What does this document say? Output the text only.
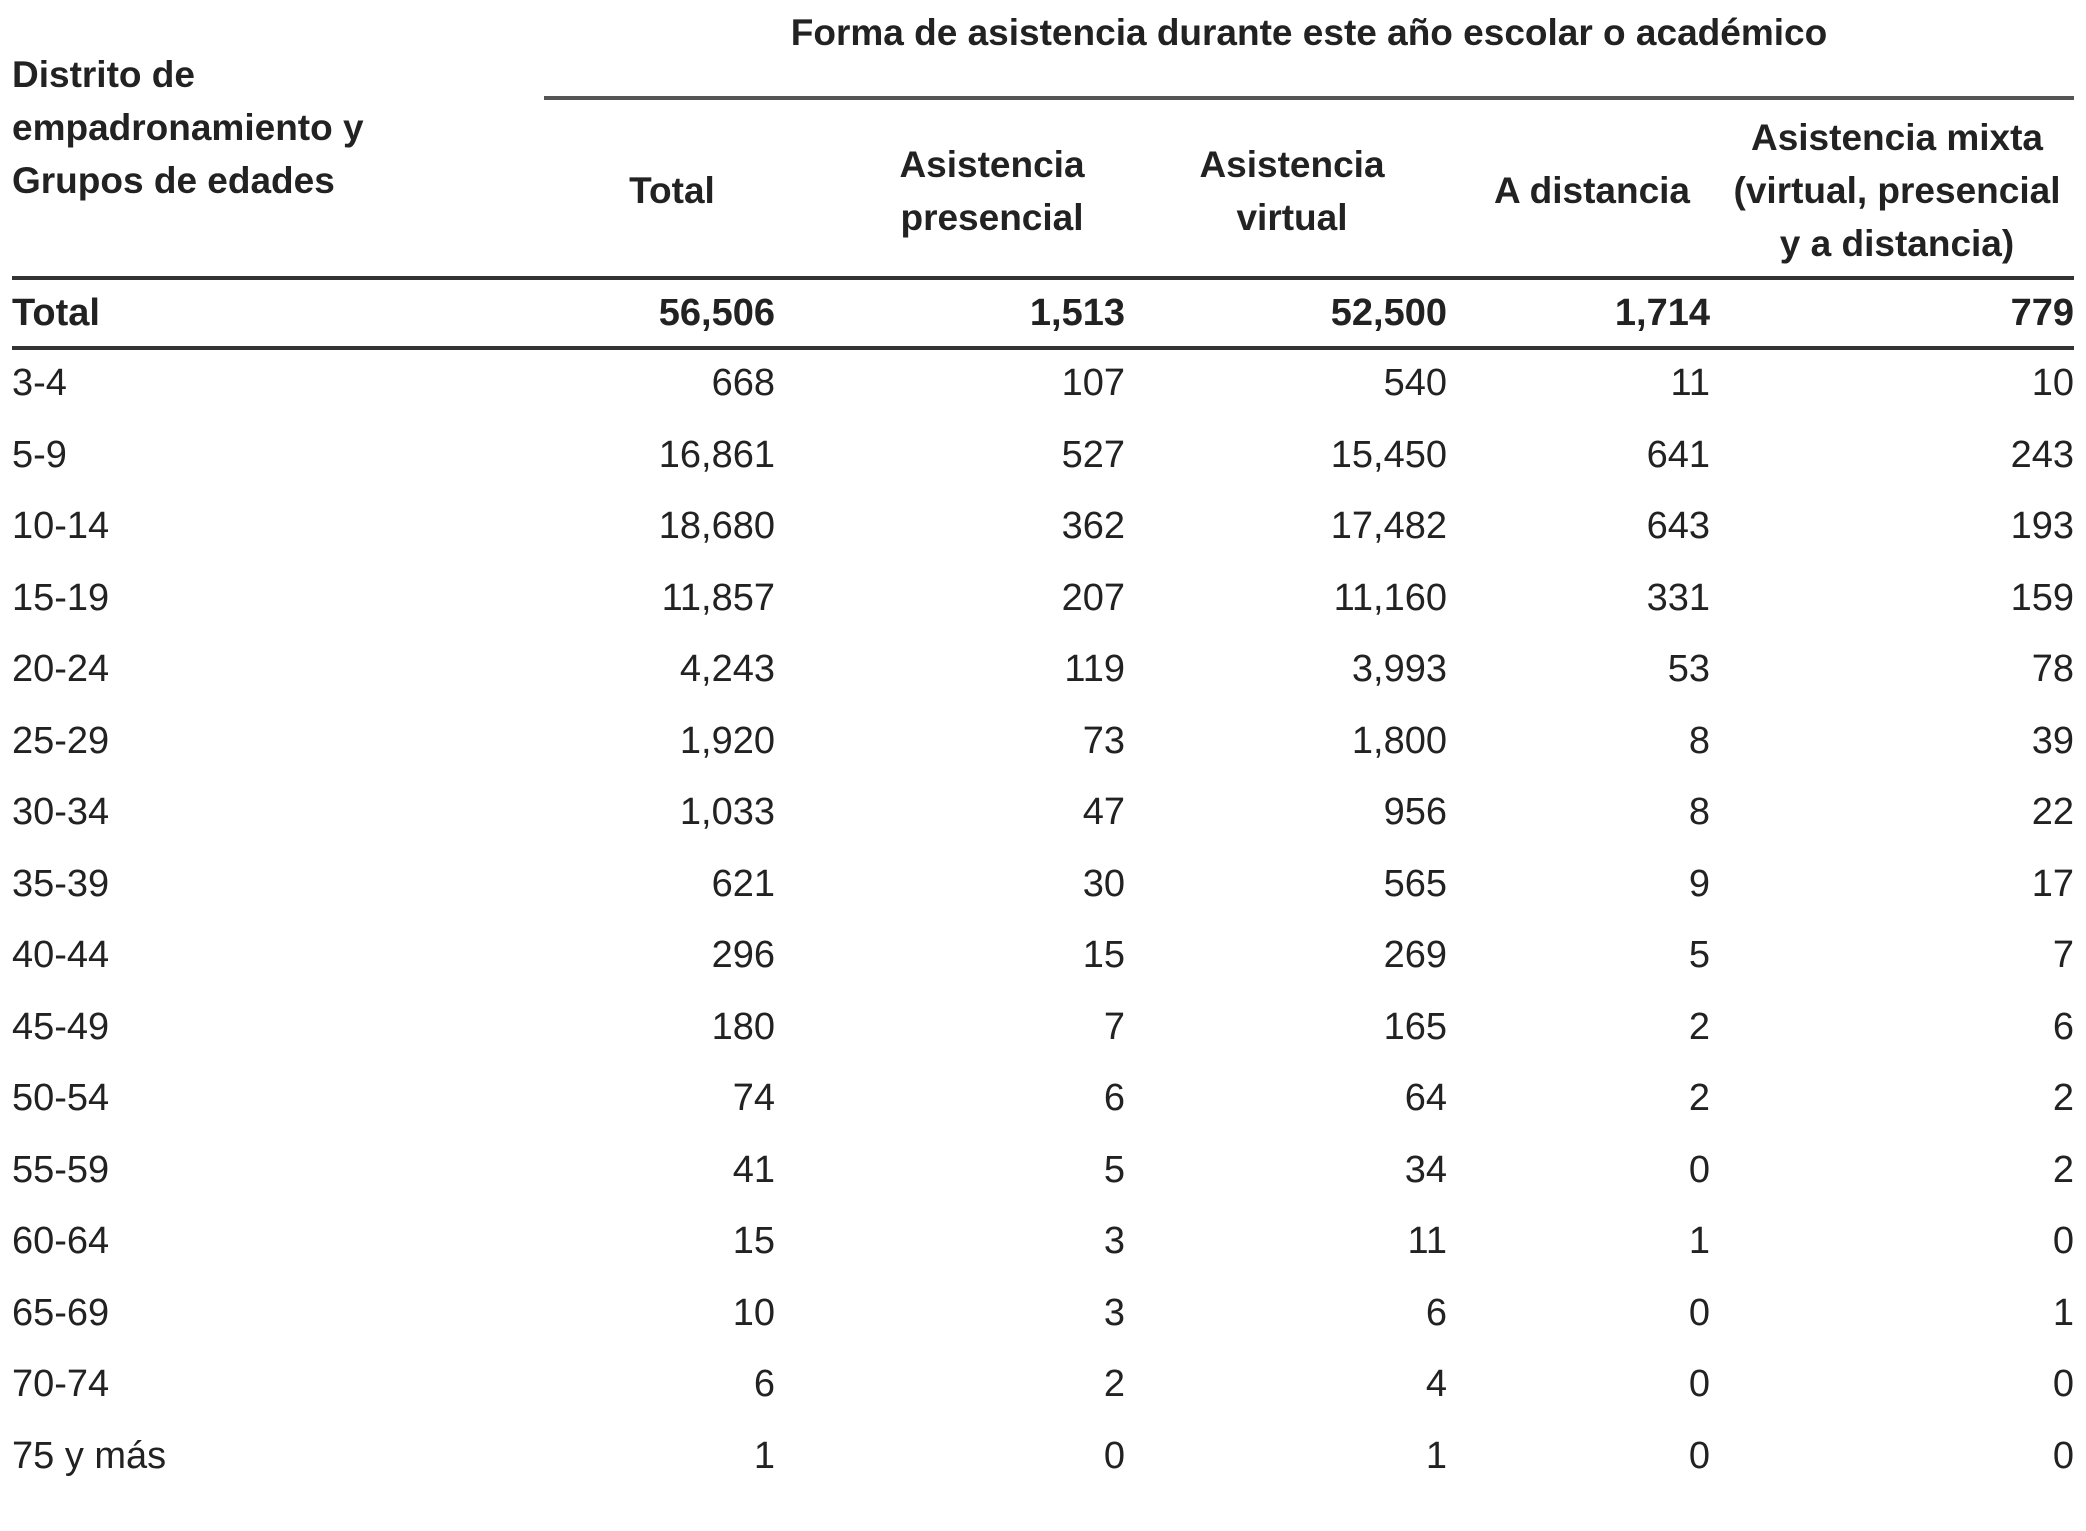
Distrito de
empadronamiento y
Grupos de edades
Forma de asistencia durante este año escolar o académico
Total
Asistencia
presencial
Asistencia
virtual
A distancia
Asistencia mixta
(virtual, presencial
y a distancia)
Total	56,506	1,513	52,500	1,714	779
3-4	668	107	540	11	10
5-9	16,861	527	15,450	641	243
10-14	18,680	362	17,482	643	193
15-19	11,857	207	11,160	331	159
20-24	4,243	119	3,993	53	78
25-29	1,920	73	1,800	8	39
30-34	1,033	47	956	8	22
35-39	621	30	565	9	17
40-44	296	15	269	5	7
45-49	180	7	165	2	6
50-54	74	6	64	2	2
55-59	41	5	34	0	2
60-64	15	3	11	1	0
65-69	10	3	6	0	1
70-74	6	2	4	0	0
75 y más	1	0	1	0	0
